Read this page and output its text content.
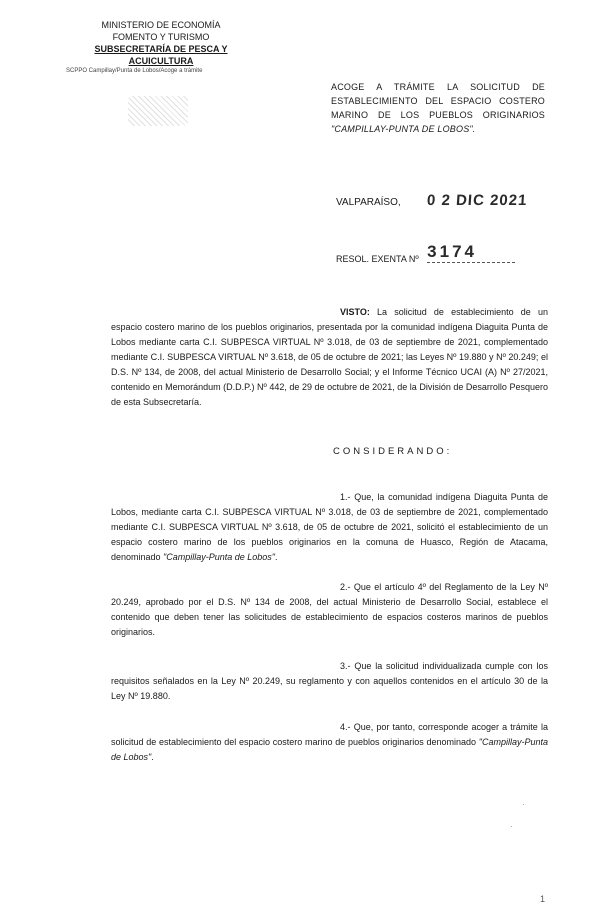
MINISTERIO DE ECONOMÍA
FOMENTO Y TURISMO
SUBSECRETARÍA DE PESCA Y ACUICULTURA
SCPPO Campillay/Punta de Lobos/Acoge a trámite
ACOGE A TRÁMITE LA SOLICITUD DE ESTABLECIMIENTO DEL ESPACIO COSTERO MARINO DE LOS PUEBLOS ORIGINARIOS "CAMPILLAY-PUNTA DE LOBOS".
VALPARAÍSO, 0 2 DIC 2021
RESOL. EXENTA Nº 3174
VISTO: La solicitud de establecimiento de un espacio costero marino de los pueblos originarios, presentada por la comunidad indígena Diaguita Punta de Lobos mediante carta C.I. SUBPESCA VIRTUAL Nº 3.018, de 03 de septiembre de 2021, complementado mediante C.I. SUBPESCA VIRTUAL Nº 3.618, de 05 de octubre de 2021; las Leyes Nº 19.880 y Nº 20.249; el D.S. Nº 134, de 2008, del actual Ministerio de Desarrollo Social; y el Informe Técnico UCAI (A) Nº 27/2021, contenido en Memorándum (D.D.P.) Nº 442, de 29 de octubre de 2021, de la División de Desarrollo Pesquero de esta Subsecretaría.
CONSIDERANDO:
1.- Que, la comunidad indígena Diaguita Punta de Lobos, mediante carta C.I. SUBPESCA VIRTUAL Nº 3.018, de 03 de septiembre de 2021, complementado mediante C.I. SUBPESCA VIRTUAL Nº 3.618, de 05 de octubre de 2021, solicitó el establecimiento de un espacio costero marino de los pueblos originarios en la comuna de Huasco, Región de Atacama, denominado "Campillay-Punta de Lobos".
2.- Que el artículo 4º del Reglamento de la Ley Nº 20.249, aprobado por el D.S. Nº 134 de 2008, del actual Ministerio de Desarrollo Social, establece el contenido que deben tener las solicitudes de establecimiento de espacios costeros marinos de pueblos originarios.
3.- Que la solicitud individualizada cumple con los requisitos señalados en la Ley Nº 20.249, su reglamento y con aquellos contenidos en el artículo 30 de la Ley Nº 19.880.
4.- Que, por tanto, corresponde acoger a trámite la solicitud de establecimiento del espacio costero marino de pueblos originarios denominado "Campillay-Punta de Lobos".
·
·
1
